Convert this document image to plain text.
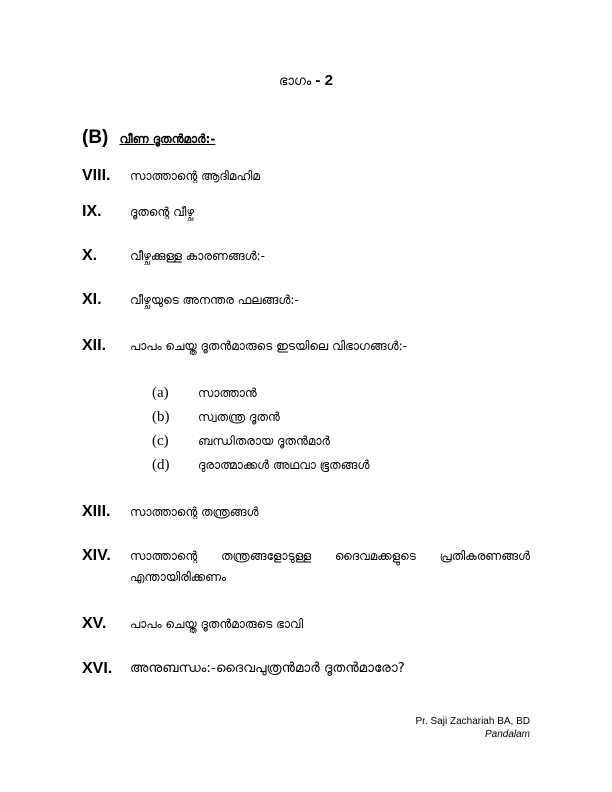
ഭാഗം - 2
(B) വീണ ദൂതൻമാർ:-
VIII. സാത്താന്റെ ആദിമഹിമ
IX. ദൂതന്റെ വീഴ്ച
X.	വീഴ്ചക്കുള്ള കാരണങ്ങൾ:-
XI. വീഴ്ചയുടെ അനന്തര ഫലങ്ങൾ:-
XII. പാപം ചെയ്ത ദൂതൻമാരുടെ ഇടയിലെ വിഭാഗങ്ങൾ:-
(a) സാത്താൻ
(b) സ്വതന്ത്ര ദൂതൻ
(c) ബന്ധിതരായ ദൂതൻമാർ
(d) ദുരാത്മാക്കൾ അഥവാ ഭൂതങ്ങൾ
XIII. സാത്താന്റെ തന്ത്രങ്ങൾ
XIV. സാത്താന്റെ തന്ത്രങ്ങളോടുള്ള ദൈവമക്കളുടെ പ്രതികരണങ്ങൾ എന്തായിരിക്കണം
XV. പാപം ചെയ്ത ദൂതൻമാരുടെ ഭാവി
XVI. അനുബന്ധം:-ദൈവപുത്രൻമാർ ദൂതൻമാരോ?
Pr. Saji Zachariah BA, BD
Pandalam
